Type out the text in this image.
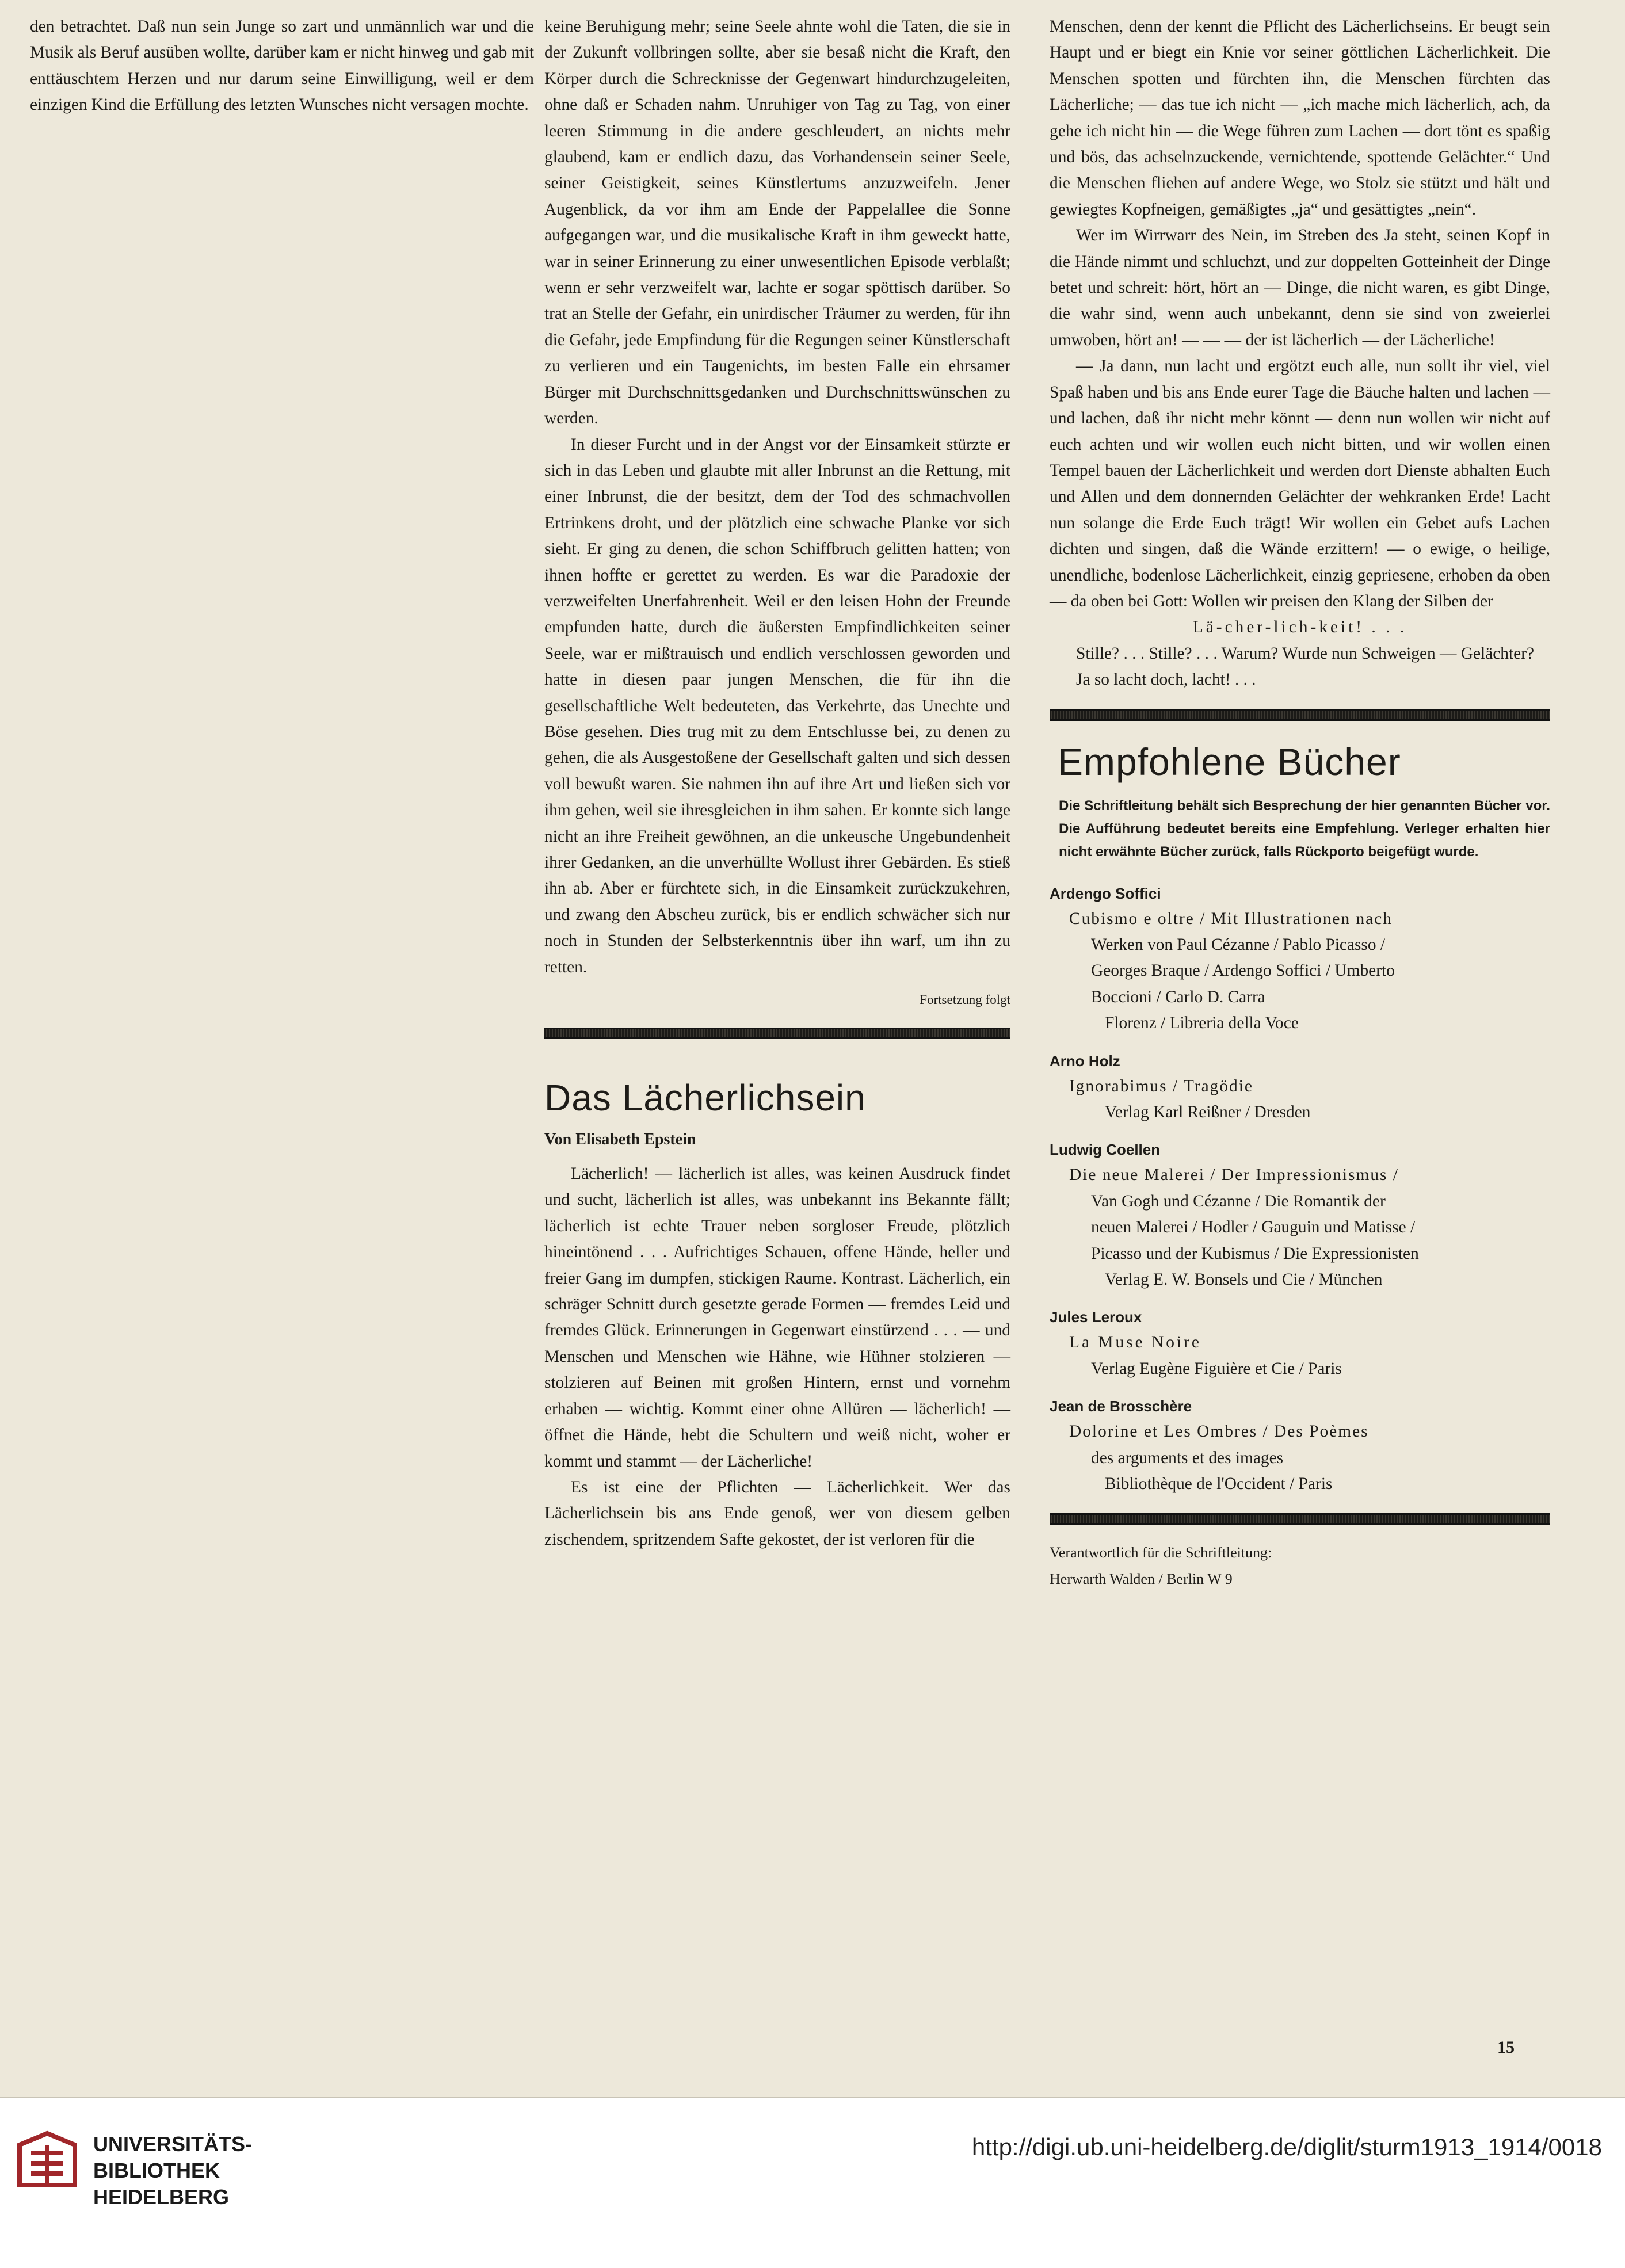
den betrachtet. Daß nun sein Junge so zart und unmännlich war und die Musik als Beruf ausüben wollte, darüber kam er nicht hinweg und gab mit enttäuschtem Herzen und nur darum seine Einwilligung, weil er dem einzigen Kind die Erfüllung des letzten Wunsches nicht versagen mochte.

keine Beruhigung mehr; seine Seele ahnte wohl die Taten, die sie in der Zukunft vollbringen sollte, aber sie besaß nicht die Kraft, den Körper durch die Schrecknisse der Gegenwart hindurchzugeleiten, ohne daß er Schaden nahm. Unruhiger von Tag zu Tag, von einer leeren Stimmung in die andere geschleudert, an nichts mehr glaubend, kam er endlich dazu, das Vorhandensein seiner Seele, seiner Geistigkeit, seines Künstlertums anzuzweifeln. Jener Augenblick, da vor ihm am Ende der Pappelallee die Sonne aufgegangen war, und die musikalische Kraft in ihm geweckt hatte, war in seiner Erinnerung zu einer unwesentlichen Episode verblaßt; wenn er sehr verzweifelt war, lachte er sogar spöttisch darüber. So trat an Stelle der Gefahr, ein unirdischer Träumer zu werden, für ihn die Gefahr, jede Empfindung für die Regungen seiner Künstlerschaft zu verlieren und ein Taugenichts, im besten Falle ein ehrsamer Bürger mit Durchschnittsgedanken und Durchschnittswünschen zu werden.

In dieser Furcht und in der Angst vor der Einsamkeit stürzte er sich in das Leben und glaubte mit aller Inbrunst an die Rettung, mit einer Inbrunst, die der besitzt, dem der Tod des schmachvollen Ertrinkens droht, und der plötzlich eine schwache Planke vor sich sieht. Er ging zu denen, die schon Schiffbruch gelitten hatten; von ihnen hoffte er gerettet zu werden. Es war die Paradoxie der verzweifelten Unerfahrenheit. Weil er den leisen Hohn der Freunde empfunden hatte, durch die äußersten Empfindlichkeiten seiner Seele, war er mißtrauisch und endlich verschlossen geworden und hatte in diesen paar jungen Menschen, die für ihn die gesellschaftliche Welt bedeuteten, das Verkehrte, das Unechte und Böse gesehen. Dies trug mit zu dem Entschlusse bei, zu denen zu gehen, die als Ausgestoßene der Gesellschaft galten und sich dessen voll bewußt waren. Sie nahmen ihn auf ihre Art und ließen sich vor ihm gehen, weil sie ihresgleichen in ihm sahen. Er konnte sich lange nicht an ihre Freiheit gewöhnen, an die unkeusche Ungebundenheit ihrer Gedanken, an die unverhüllte Wollust ihrer Gebärden. Es stieß ihn ab. Aber er fürchtete sich, in die Einsamkeit zurückzukehren, und zwang den Abscheu zurück, bis er endlich schwächer sich nur noch in Stunden der Selbsterkenntnis über ihn warf, um ihn zu retten.

Fortsetzung folgt
Das Lächerlichsein
Von Elisabeth Epstein

Lächerlich! — lächerlich ist alles, was keinen Ausdruck findet und sucht, lächerlich ist alles, was unbekannt ins Bekannte fällt; lächerlich ist echte Trauer neben sorgloser Freude, plötzlich hineintönend . . . Aufrichtiges Schauen, offene Hände, heller und freier Gang im dumpfen, stickigen Raume. Kontrast. Lächerlich, ein schräger Schnitt durch gesetzte gerade Formen — fremdes Leid und fremdes Glück. Erinnerungen in Gegenwart einstürzend . . . — und Menschen und Menschen wie Hähne, wie Hühner stolzieren — stolzieren auf Beinen mit großen Hintern, ernst und vornehm erhaben — wichtig. Kommt einer ohne Allüren — lächerlich! — öffnet die Hände, hebt die Schultern und weiß nicht, woher er kommt und stammt — der Lächerliche!

Es ist eine der Pflichten — Lächerlichkeit. Wer das Lächerlichsein bis ans Ende genoß, wer von diesem gelben zischendem, spritzendem Safte gekostet, der ist verloren für die

Menschen, denn der kennt die Pflicht des Lächerlichseins. Er beugt sein Haupt und er biegt ein Knie vor seiner göttlichen Lächerlichkeit. Die Menschen spotten und fürchten ihn, die Menschen fürchten das Lächerliche; — das tue ich nicht — „ich mache mich lächerlich, ach, da gehe ich nicht hin — die Wege führen zum Lachen — dort tönt es spaßig und bös, das achselnzuckende, vernichtende, spottende Gelächter.“ Und die Menschen fliehen auf andere Wege, wo Stolz sie stützt und hält und gewiegtes Kopfneigen, gemäßigtes „ja“ und gesättigtes „nein“.

Wer im Wirrwarr des Nein, im Streben des Ja steht, seinen Kopf in die Hände nimmt und schluchzt, und zur doppelten Gotteinheit der Dinge betet und schreit: hört, hört an — Dinge, die nicht waren, es gibt Dinge, die wahr sind, wenn auch unbekannt, denn sie sind von zweierlei umwoben, hört an! — — — der ist lächerlich — der Lächerliche!

— Ja dann, nun lacht und ergötzt euch alle, nun sollt ihr viel, viel Spaß haben und bis ans Ende eurer Tage die Bäuche halten und lachen — und lachen, daß ihr nicht mehr könnt — denn nun wollen wir nicht auf euch achten und wir wollen euch nicht bitten, und wir wollen einen Tempel bauen der Lächerlichkeit und werden dort Dienste abhalten Euch und Allen und dem donnernden Gelächter der wehkranken Erde! Lacht nun solange die Erde Euch trägt! Wir wollen ein Gebet aufs Lachen dichten und singen, daß die Wände erzittern! — o ewige, o heilige, unendliche, bodenlose Lächerlichkeit, einzig gepriesene, erhoben da oben — da oben bei Gott: Wollen wir preisen den Klang der Silben der

Lä-cher-lich-keit! . . .

Stille? . . . Stille? . . . Warum? Wurde nun Schweigen — Gelächter?

Ja so lacht doch, lacht! . . .

Empfohlene Bücher
Die Schriftleitung behält sich Besprechung der hier genannten Bücher vor. Die Aufführung bedeutet bereits eine Empfehlung. Verleger erhalten hier nicht erwähnte Bücher zurück, falls Rückporto beigefügt wurde.
Ardengo Soffici
Cubismo e oltre / Mit Illustrationen nach
Werken von Paul Cézanne / Pablo Picasso /
Georges Braque / Ardengo Soffici / Umberto
Boccioni / Carlo D. Carra
Florenz / Libreria della Voce
Arno Holz
Ignorabimus / Tragödie
Verlag Karl Reißner / Dresden
Ludwig Coellen
Die neue Malerei / Der Impressionismus /
Van Gogh und Cézanne / Die Romantik der
neuen Malerei / Hodler / Gauguin und Matisse /
Picasso und der Kubismus / Die Expressionisten
Verlag E. W. Bonsels und Cie / München
Jules Leroux
La Muse Noire
Verlag Eugène Figuière et Cie / Paris
Jean de Brosschère
Dolorine et Les Ombres / Des Poèmes
des arguments et des images
Bibliothèque de l'Occident / Paris
Verantwortlich für die Schriftleitung:
Herwarth Walden / Berlin W 9
15
UNIVERSITÄTS-
BIBLIOTHEK
HEIDELBERG
http://digi.ub.uni-heidelberg.de/diglit/sturm1913_1914/0018
